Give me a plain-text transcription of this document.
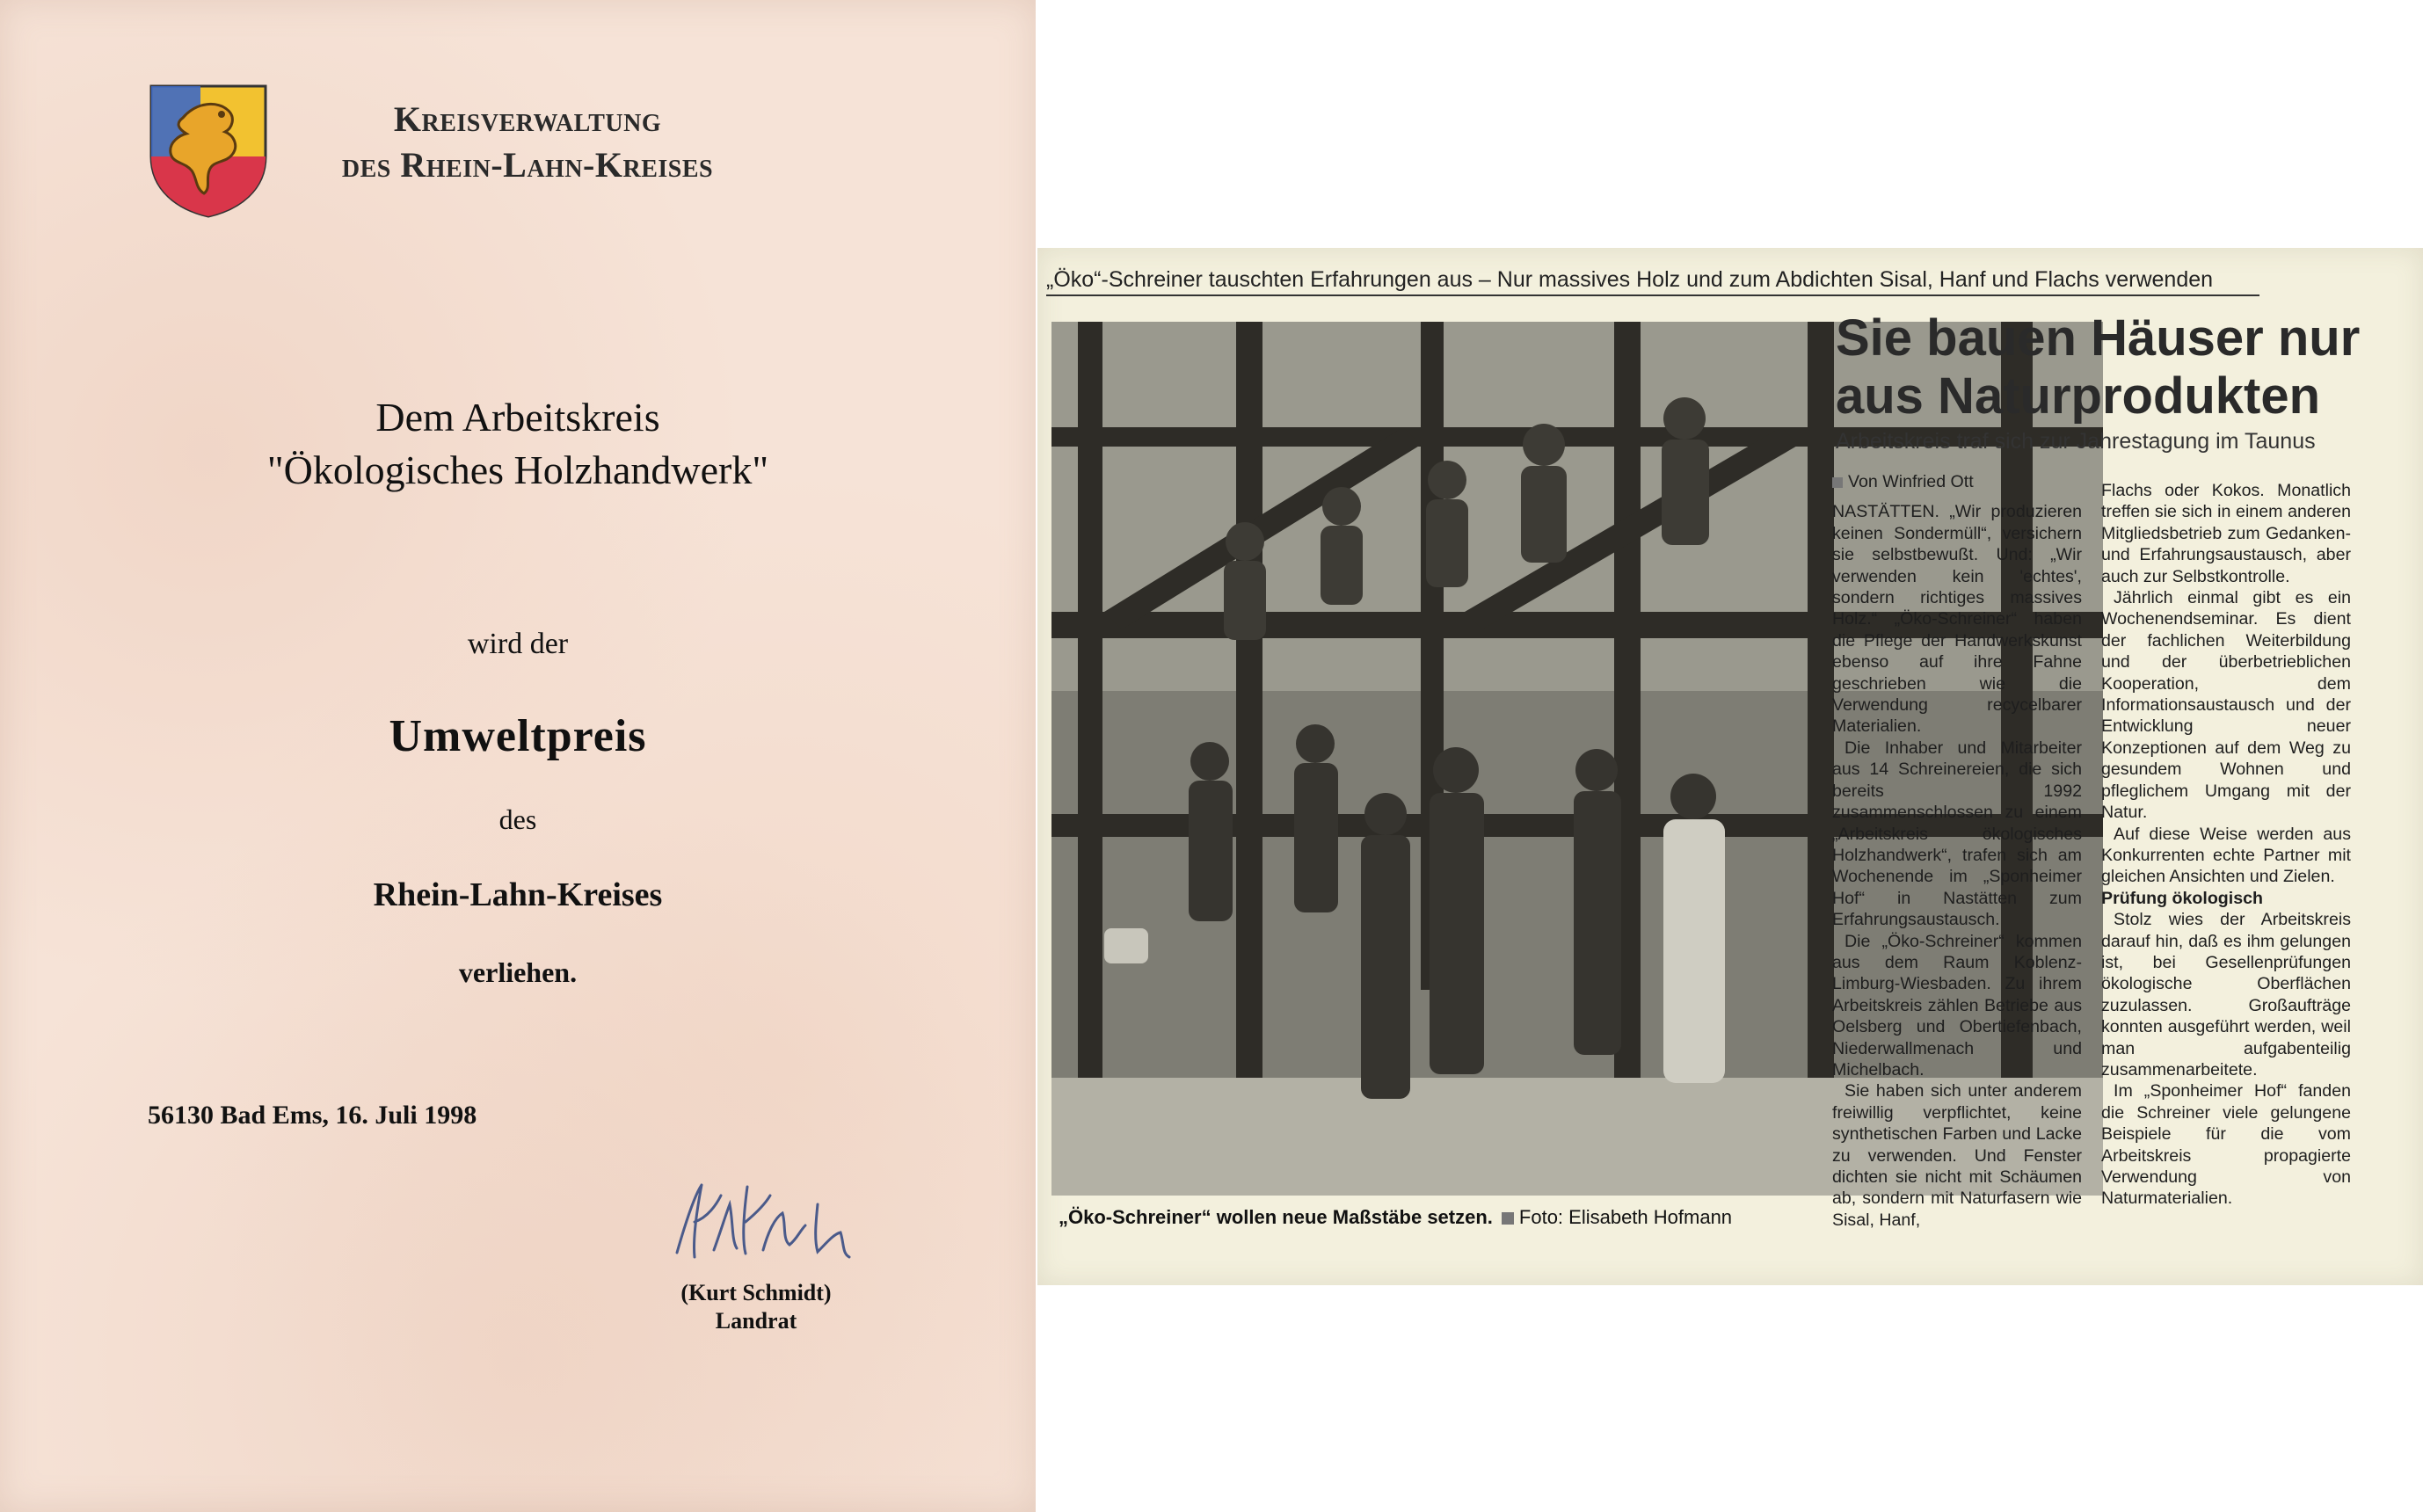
Kreisverwaltung
des Rhein-Lahn-Kreises
Dem Arbeitskreis
"Ökologisches Holzhandwerk"
wird der
Umweltpreis
des
Rhein-Lahn-Kreises
verliehen.
56130 Bad Ems, 16. Juli 1998
(Kurt Schmidt)
Landrat
„Öko“-Schreiner tauschten Erfahrungen aus – Nur massives Holz und zum Abdichten Sisal, Hanf und Flachs verwenden
„Öko-Schreiner“ wollen neue Maßstäbe setzen. Foto: Elisabeth Hofmann
Sie bauen Häuser nur
aus Naturprodukten
Arbeitskreis traf sich zur Jahrestagung im Taunus
Von Winfried Ott

NASTÄTTEN. „Wir produzieren keinen Sondermüll“, versichern sie selbstbewußt. Und: „Wir verwenden kein 'echtes', sondern richtiges massives Holz.“ „Öko-Schreiner“ haben die Pflege der Handwerkskunst ebenso auf ihre Fahne geschrieben wie die Verwendung recycelbarer Materialien.

Die Inhaber und Mitarbeiter aus 14 Schreinereien, die sich bereits 1992 zusammenschlossen zu einem „Arbeitskreis ökologisches Holzhandwerk“, trafen sich am Wochenende im „Sponheimer Hof“ in Nastätten zum Erfahrungsaustausch.

Die „Öko-Schreiner“ kommen aus dem Raum Koblenz-Limburg-Wiesbaden. Zu ihrem Arbeitskreis zählen Betriebe aus Oelsberg und Obertiefenbach, Niederwallmenach und Michelbach.

Sie haben sich unter anderem freiwillig verpflichtet, keine synthetischen Farben und Lacke zu verwenden. Und Fenster dichten sie nicht mit Schäumen ab, sondern mit Naturfasern wie Sisal, Hanf,

Flachs oder Kokos. Monatlich treffen sie sich in einem anderen Mitgliedsbetrieb zum Gedanken- und Erfahrungsaustausch, aber auch zur Selbstkontrolle.

Jährlich einmal gibt es ein Wochenendseminar. Es dient der fachlichen Weiterbildung und der überbetrieblichen Kooperation, dem Informationsaustausch und der Entwicklung neuer Konzeptionen auf dem Weg zu gesundem Wohnen und pfleglichem Umgang mit der Natur.

Auf diese Weise werden aus Konkurrenten echte Partner mit gleichen Ansichten und Zielen.

Prüfung ökologisch

Stolz wies der Arbeitskreis darauf hin, daß es ihm gelungen ist, bei Gesellenprüfungen ökologische Oberflächen zuzulassen. Großaufträge konnten ausgeführt werden, weil man aufgabenteilig zusammenarbeitete.

Im „Sponheimer Hof“ fanden die Schreiner viele gelungene Beispiele für die vom Arbeitskreis propagierte Verwendung von Naturmaterialien.
